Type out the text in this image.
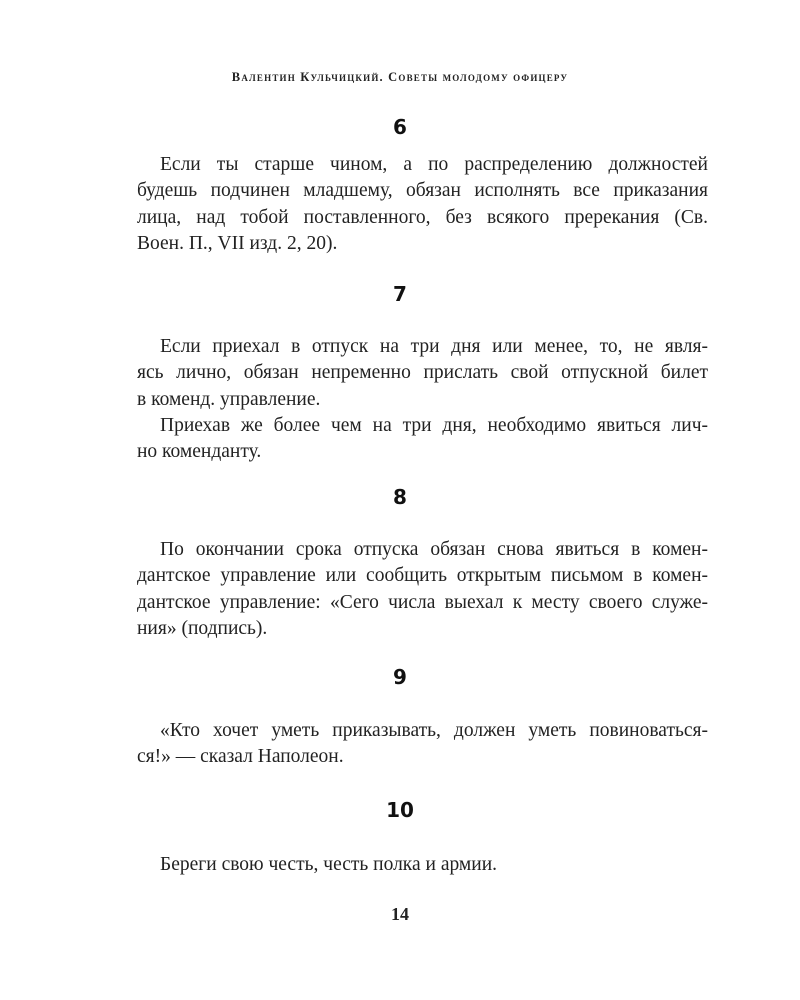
Валентин Кульчицкий. Советы молодому офицеру
6
Если ты старше чином, а по распределению должностей
будешь подчинен младшему, обязан исполнять все приказания
лица, над тобой поставленного, без всякого пререкания (Св.
Воен. П., VII изд. 2, 20).
7
Если приехал в отпуск на три дня или менее, то, не явля-
ясь лично, обязан непременно прислать свой отпускной билет
в коменд. управление.
Приехав же более чем на три дня, необходимо явиться лич-
но коменданту.
8
По окончании срока отпуска обязан снова явиться в комен-
дантское управление или сообщить открытым письмом в комен-
дантское управление: «Сего числа выехал к месту своего служе-
ния» (подпись).
9
«Кто хочет уметь приказывать, должен уметь повиноваться-
ся!» — сказал Наполеон.
10
Береги свою честь, честь полка и армии.
14
